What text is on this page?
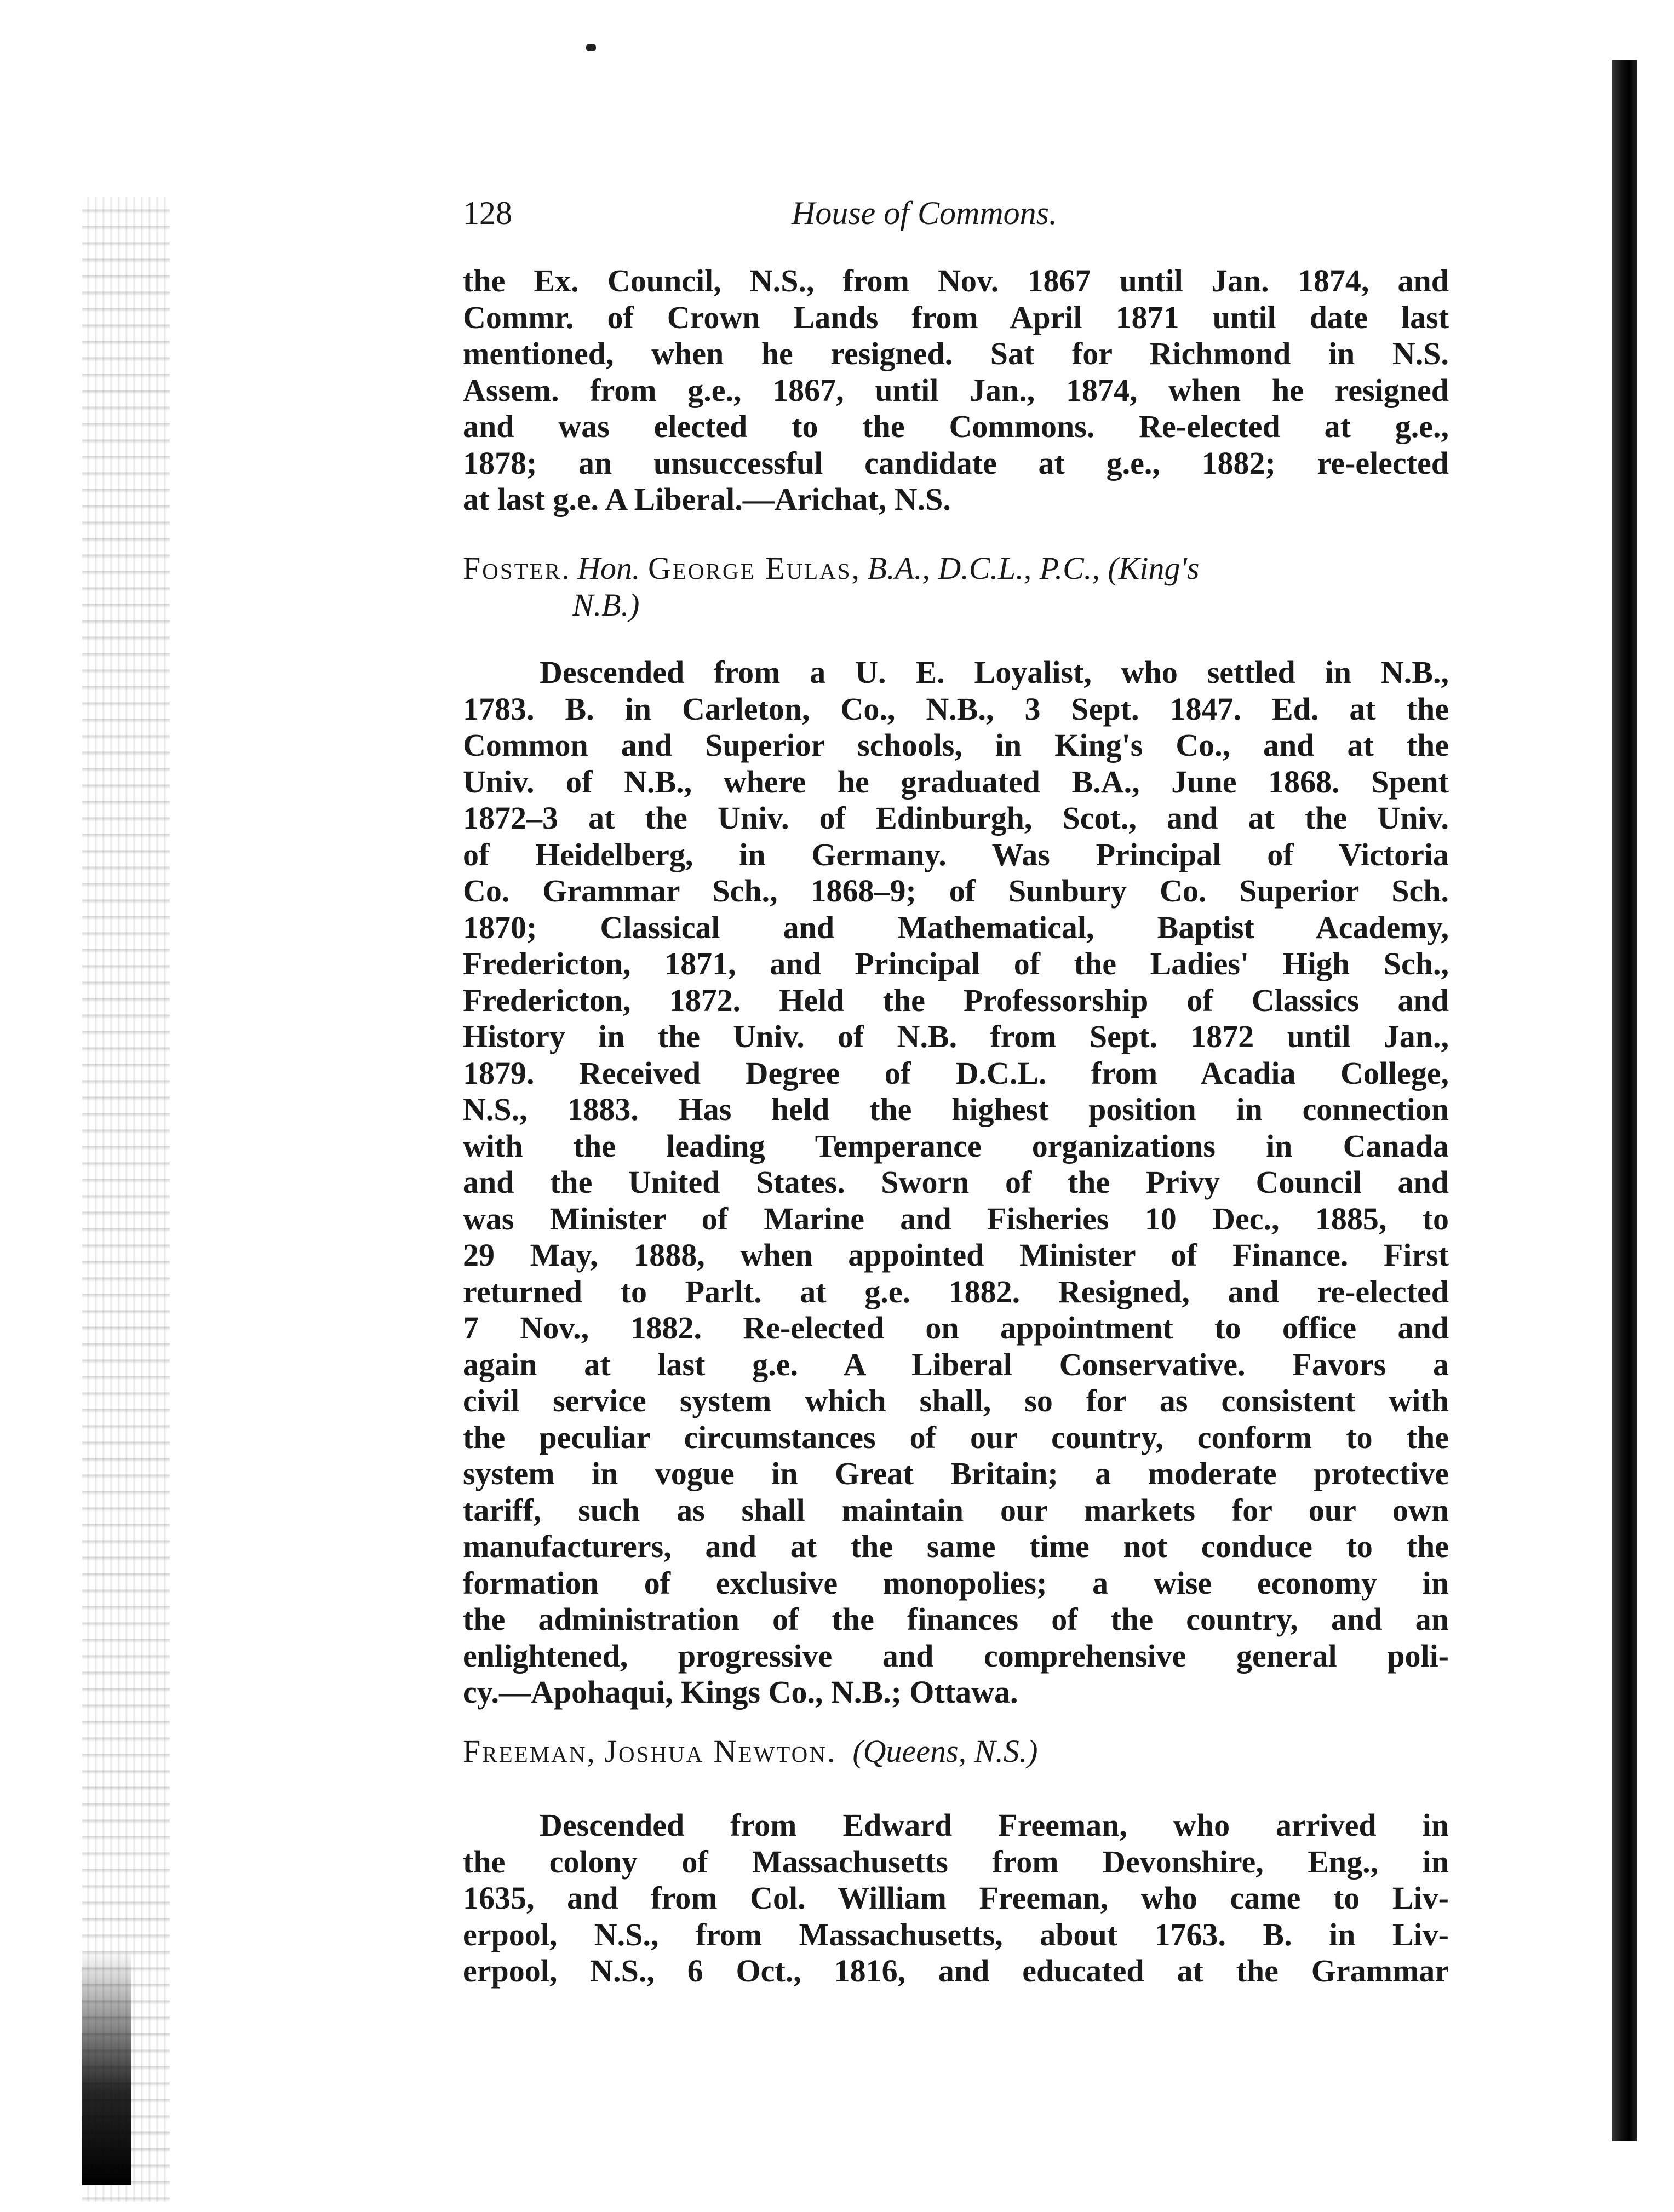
128	House of Commons.
the Ex. Council, N.S., from Nov. 1867 until Jan. 1874, and
Commr. of Crown Lands from April 1871 until date last
mentioned, when he resigned. Sat for Richmond in N.S.
Assem. from g.e., 1867, until Jan., 1874, when he resigned
and was elected to the Commons. Re-elected at g.e.,
1878; an unsuccessful candidate at g.e., 1882; re-elected
at last g.e. A Liberal.—Arichat, N.S.
Foster. Hon. George Eulas, B.A., D.C.L., P.C., (King's
N.B.)
Descended from a U. E. Loyalist, who settled in N.B.,
1783. B. in Carleton, Co., N.B., 3 Sept. 1847. Ed. at the
Common and Superior schools, in King's Co., and at the
Univ. of N.B., where he graduated B.A., June 1868. Spent
1872–3 at the Univ. of Edinburgh, Scot., and at the Univ.
of Heidelberg, in Germany. Was Principal of Victoria
Co. Grammar Sch., 1868–9; of Sunbury Co. Superior Sch.
1870; Classical and Mathematical, Baptist Academy,
Fredericton, 1871, and Principal of the Ladies' High Sch.,
Fredericton, 1872. Held the Professorship of Classics and
History in the Univ. of N.B. from Sept. 1872 until Jan.,
1879. Received Degree of D.C.L. from Acadia College,
N.S., 1883. Has held the highest position in connection
with the leading Temperance organizations in Canada
and the United States. Sworn of the Privy Council and
was Minister of Marine and Fisheries 10 Dec., 1885, to
29 May, 1888, when appointed Minister of Finance. First
returned to Parlt. at g.e. 1882. Resigned, and re-elected
7 Nov., 1882. Re-elected on appointment to office and
again at last g.e. A Liberal Conservative. Favors a
civil service system which shall, so for as consistent with
the peculiar circumstances of our country, conform to the
system in vogue in Great Britain; a moderate protective
tariff, such as shall maintain our markets for our own
manufacturers, and at the same time not conduce to the
formation of exclusive monopolies; a wise economy in
the administration of the finances of the country, and an
enlightened, progressive and comprehensive general poli-
cy.—Apohaqui, Kings Co., N.B.; Ottawa.
Freeman, Joshua Newton. (Queens, N.S.)
Descended from Edward Freeman, who arrived in
the colony of Massachusetts from Devonshire, Eng., in
1635, and from Col. William Freeman, who came to Liv-
erpool, N.S., from Massachusetts, about 1763. B. in Liv-
erpool, N.S., 6 Oct., 1816, and educated at the Grammar
